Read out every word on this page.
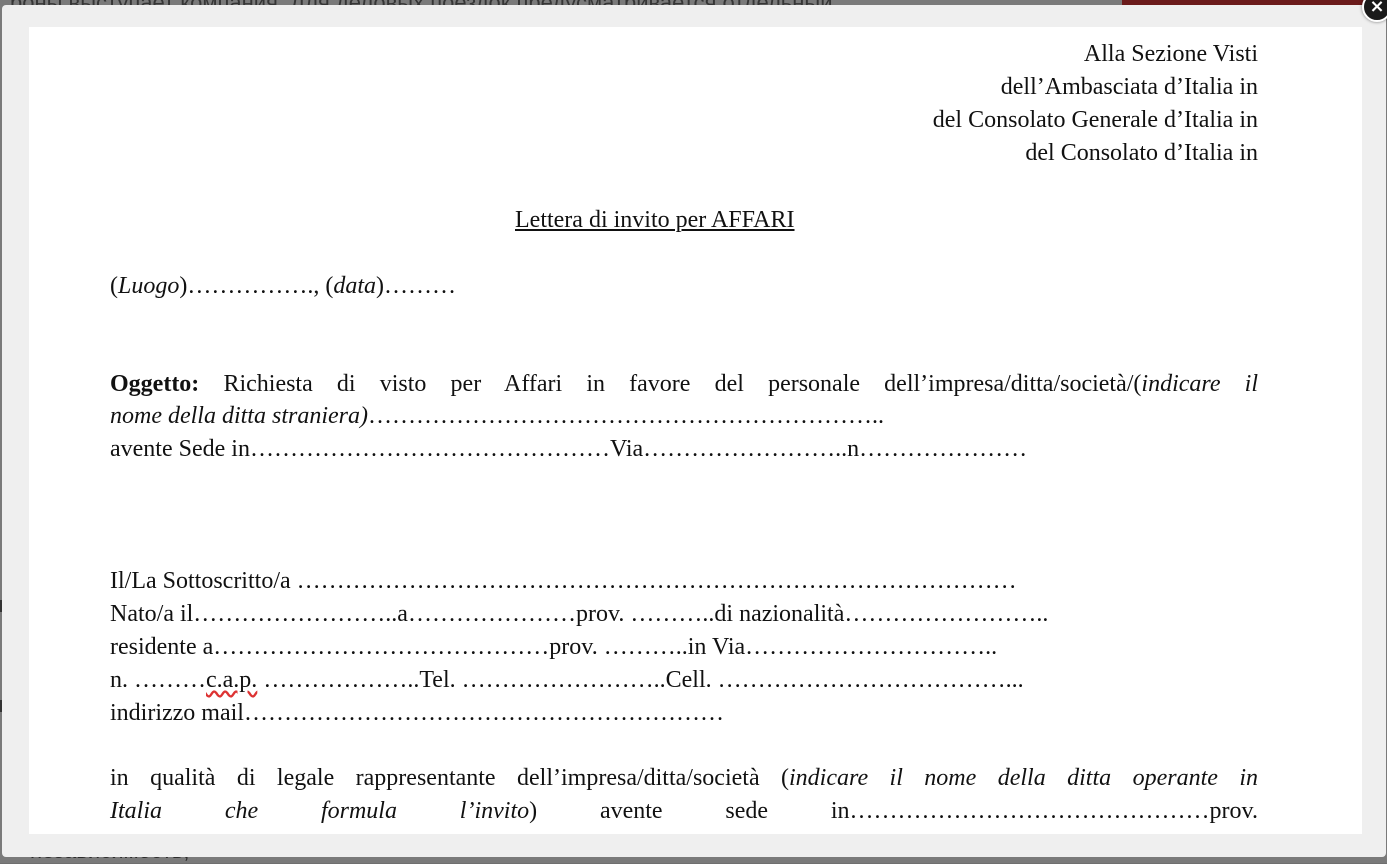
Alla Sezione Visti
dell’Ambasciata d’Italia in
del Consolato Generale d’Italia in
del Consolato d’Italia in
Lettera di invito per AFFARI
(Luogo)……………., (data)………
Oggetto: Richiesta di visto per Affari in favore del personale dell’impresa/ditta/società/(indicare il
nome della ditta straniera)………………………………………………………..
avente Sede in………………………………………Via……………………..n…………………
Il/La Sottoscritto/a ………………………………………………………………………………
Nato/a il……………………..a…………………prov. ………..di nazionalità……………………..
residente a……………………………………prov. ………..in Via…………………………..
n. ………c.a.p. ………………..Tel. ……………………..Cell. ………………………………...
indirizzo mail……………………………………………………
in qualità di legale rappresentante dell’impresa/ditta/società (indicare il nome della ditta operante in
Italia che formula l’invito) avente sede in………………………………………prov.
×
